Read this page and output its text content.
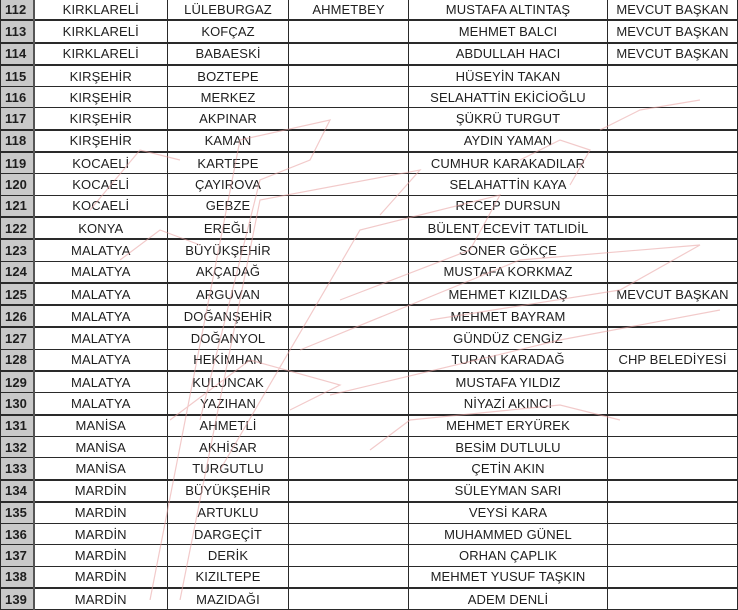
112	KIRKLARELİ	LÜLEBURGAZ	AHMETBEY	MUSTAFA ALTINTAŞ	MEVCUT BAŞKAN
113	KIRKLARELİ	KOFÇAZ		MEHMET BALCI	MEVCUT BAŞKAN
114	KIRKLARELİ	BABAESKİ		ABDULLAH HACI	MEVCUT BAŞKAN
115	KIRŞEHİR	BOZTEPE		HÜSEYİN TAKAN	
116	KIRŞEHİR	MERKEZ		SELAHATTİN EKİCİOĞLU	
117	KIRŞEHİR	AKPINAR		ŞÜKRÜ TURGUT	
118	KIRŞEHİR	KAMAN		AYDIN YAMAN	
119	KOCAELİ	KARTEPE		CUMHUR KARAKADILAR	
120	KOCAELİ	ÇAYIROVA		SELAHATTİN KAYA	
121	KOCAELİ	GEBZE		RECEP DURSUN	
122	KONYA	EREĞLİ		BÜLENT ECEVİT TATLIDİL	
123	MALATYA	BÜYÜKŞEHİR		SONER GÖKÇE	
124	MALATYA	AKÇADAĞ		MUSTAFA KORKMAZ	
125	MALATYA	ARGUVAN		MEHMET KIZILDAŞ	MEVCUT BAŞKAN
126	MALATYA	DOĞANŞEHİR		MEHMET BAYRAM	
127	MALATYA	DOĞANYOL		GÜNDÜZ CENGİZ	
128	MALATYA	HEKİMHAN		TURAN KARADAĞ	CHP BELEDİYESİ
129	MALATYA	KULUNCAK		MUSTAFA YILDIZ	
130	MALATYA	YAZIHAN		NİYAZİ AKINCI	
131	MANİSA	AHMETLİ		MEHMET ERYÜREK	
132	MANİSA	AKHİSAR		BESİM DUTLULU	
133	MANİSA	TURGUTLU		ÇETİN AKIN	
134	MARDİN	BÜYÜKŞEHİR		SÜLEYMAN SARI	
135	MARDİN	ARTUKLU		VEYSİ KARA	
136	MARDİN	DARGEÇİT		MUHAMMED GÜNEL	
137	MARDİN	DERİK		ORHAN ÇAPLIK	
138	MARDİN	KIZILTEPE		MEHMET YUSUF TAŞKIN	
139	MARDİN	MAZIDAĞI		ADEM DENLİ	
